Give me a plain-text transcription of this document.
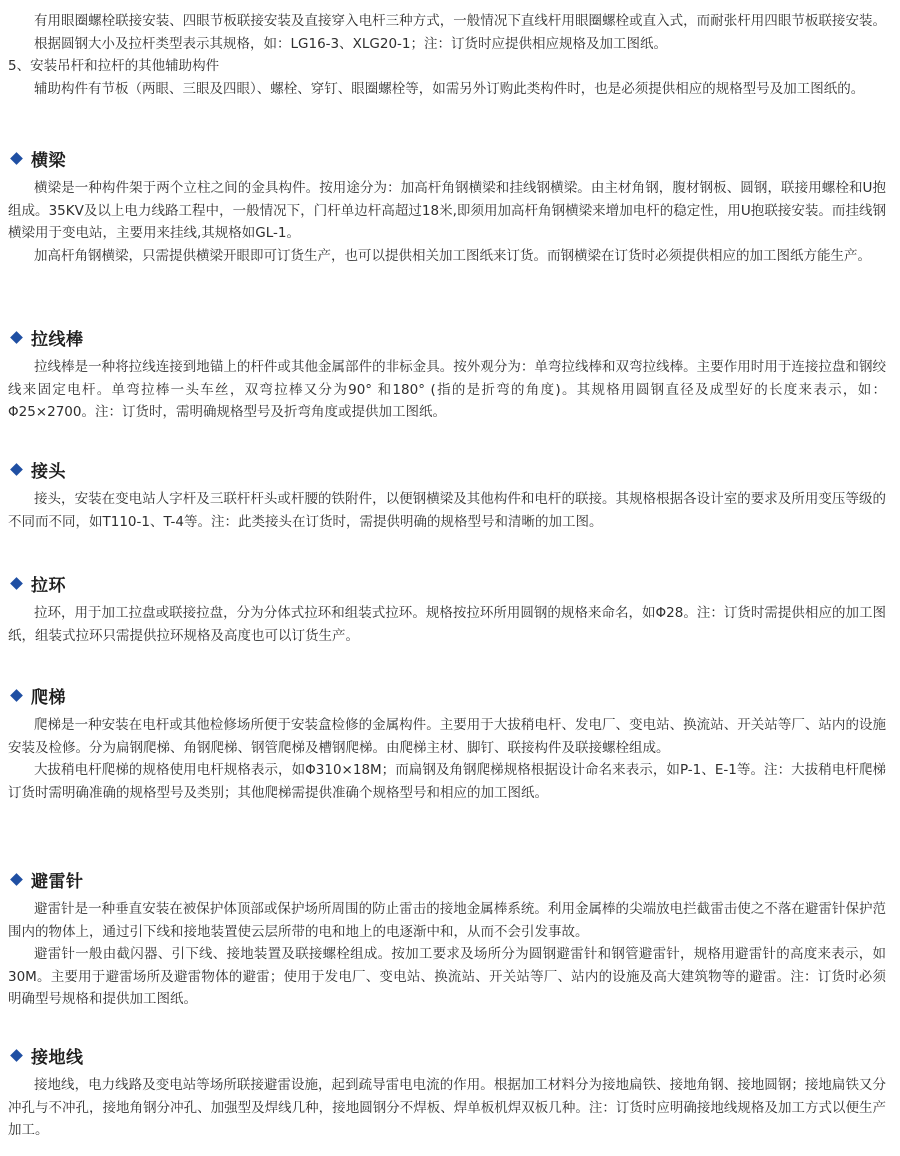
有用眼圈螺栓联接安装、四眼节板联接安装及直接穿入电杆三种方式，一般情况下直线杆用眼圈螺栓或直入式，而耐张杆用四眼节板联接安装。根据圆钢大小及拉杆类型表示其规格，如：LG16-3、XLG20-1；注：订货时应提供相应规格及加工图纸。

5、安装吊杆和拉杆的其他辅助构件

辅助构件有节板（两眼、三眼及四眼）、螺栓、穿钉、眼圈螺栓等，如需另外订购此类构件时，也是必须提供相应的规格型号及加工图纸的。

横梁

横梁是一种构件架于两个立柱之间的金具构件。按用途分为：加高杆角钢横梁和挂线钢横梁。由主材角钢，腹材钢板、圆钢，联接用螺栓和U抱组成。35KV及以上电力线路工程中，一般情况下，门杆单边杆高超过18米,即须用加高杆角钢横梁来增加电杆的稳定性，用U抱联接安装。而挂线钢横梁用于变电站，主要用来挂线,其规格如GL-1。

加高杆角钢横梁，只需提供横梁开眼即可订货生产，也可以提供相关加工图纸来订货。而钢横梁在订货时必须提供相应的加工图纸方能生产。

拉线棒

拉线棒是一种将拉线连接到地锚上的杆件或其他金属部件的非标金具。按外观分为：单弯拉线棒和双弯拉线棒。主要作用时用于连接拉盘和钢绞线来固定电杆。单弯拉棒一头车丝，双弯拉棒又分为90° 和180° (指的是折弯的角度)。其规格用圆钢直径及成型好的长度来表示，如：Φ25×2700。注：订货时，需明确规格型号及折弯角度或提供加工图纸。

接头

接头，安装在变电站人字杆及三联杆杆头或杆腰的铁附件，以便钢横梁及其他构件和电杆的联接。其规格根据各设计室的要求及所用变压等级的不同而不同，如T110-1、T-4等。注：此类接头在订货时，需提供明确的规格型号和清晰的加工图。

拉环

拉环，用于加工拉盘或联接拉盘，分为分体式拉环和组装式拉环。规格按拉环所用圆钢的规格来命名，如Φ28。注：订货时需提供相应的加工图纸，组装式拉环只需提供拉环规格及高度也可以订货生产。

爬梯

爬梯是一种安装在电杆或其他检修场所便于安装盒检修的金属构件。主要用于大拔稍电杆、发电厂、变电站、换流站、开关站等厂、站内的设施安装及检修。分为扁钢爬梯、角钢爬梯、钢管爬梯及槽钢爬梯。由爬梯主材、脚钉、联接构件及联接螺栓组成。

大拔稍电杆爬梯的规格使用电杆规格表示，如Φ310×18M；而扁钢及角钢爬梯规格根据设计命名来表示，如P-1、E-1等。注：大拔稍电杆爬梯订货时需明确准确的规格型号及类别；其他爬梯需提供准确个规格型号和相应的加工图纸。

避雷针

避雷针是一种垂直安装在被保护体顶部或保护场所周围的防止雷击的接地金属棒系统。利用金属棒的尖端放电拦截雷击使之不落在避雷针保护范围内的物体上，通过引下线和接地装置使云层所带的电和地上的电逐渐中和，从而不会引发事故。

避雷针一般由截闪器、引下线、接地装置及联接螺栓组成。按加工要求及场所分为圆钢避雷针和钢管避雷针，规格用避雷针的高度来表示，如30M。主要用于避雷场所及避雷物体的避雷；使用于发电厂、变电站、换流站、开关站等厂、站内的设施及高大建筑物等的避雷。注：订货时必须明确型号规格和提供加工图纸。

接地线

接地线，电力线路及变电站等场所联接避雷设施，起到疏导雷电电流的作用。根据加工材料分为接地扁铁、接地角钢、接地圆钢；接地扁铁又分冲孔与不冲孔，接地角钢分冲孔、加强型及焊线几种，接地圆钢分不焊板、焊单板机焊双板几种。注：订货时应明确接地线规格及加工方式以便生产加工。
